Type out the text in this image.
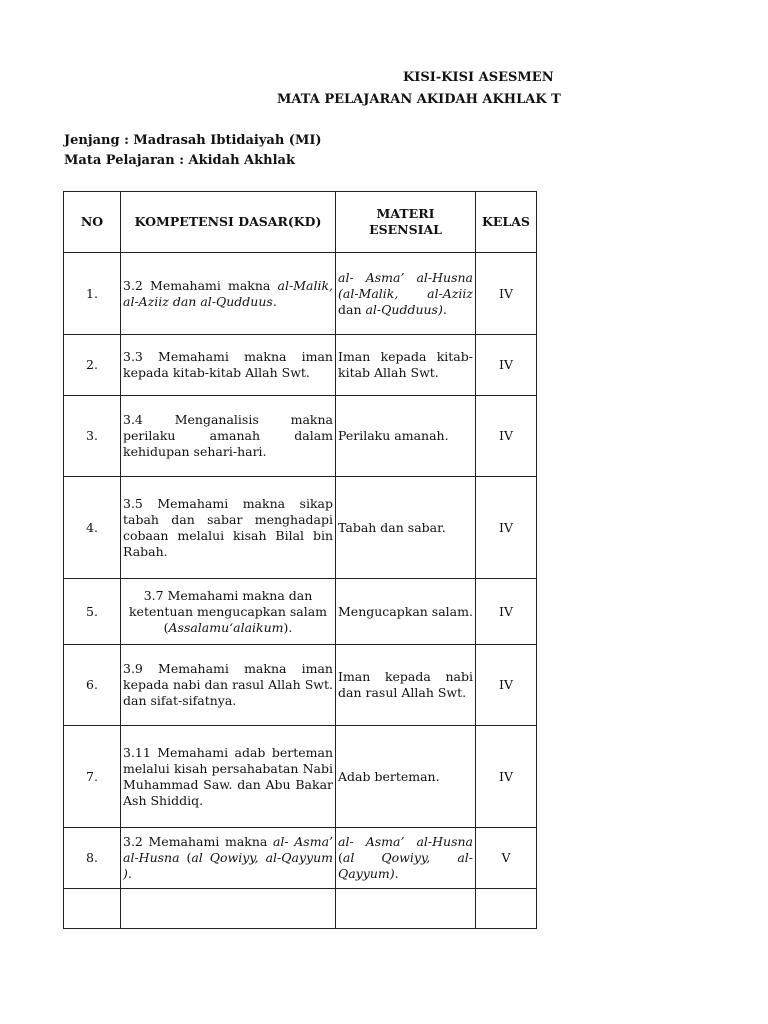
KISI-KISI ASESMEN
MATA PELAJARAN AKIDAH AKHLAK T
Jenjang : Madrasah Ibtidaiyah (MI)
Mata Pelajaran : Akidah Akhlak
NO	KOMPETENSI DASAR(KD)	MATERI ESENSIAL	KELAS
1.	3.2 Memahami makna al-Malik, al-Aziiz dan al-Qudduus.	al- Asma’ al-Husna (al-Malik, al-Aziiz dan al-Qudduus).	IV
2.	3.3 Memahami makna iman kepada kitab-kitab Allah Swt.	Iman kepada kitab-kitab Allah Swt.	IV
3.	3.4 Menganalisis makna perilaku amanah dalam kehidupan sehari-hari.	Perilaku amanah.	IV
4.	3.5 Memahami makna sikap tabah dan sabar menghadapi cobaan melalui kisah Bilal bin Rabah.	Tabah dan sabar.	IV
5.	3.7 Memahami makna dan ketentuan mengucapkan salam (Assalamu‘alaikum).	Mengucapkan salam.	IV
6.	3.9 Memahami makna iman kepada nabi dan rasul Allah Swt. dan sifat-sifatnya.	Iman kepada nabi dan rasul Allah Swt.	IV
7.	3.11 Memahami adab berteman melalui kisah persahabatan Nabi Muhammad Saw. dan Abu Bakar Ash Shiddiq.	Adab berteman.	IV
8.	3.2 Memahami makna al- Asma’ al-Husna (al Qowiyy, al-Qayyum ).	al- Asma’ al-Husna (al Qowiyy, al-Qayyum).	V
